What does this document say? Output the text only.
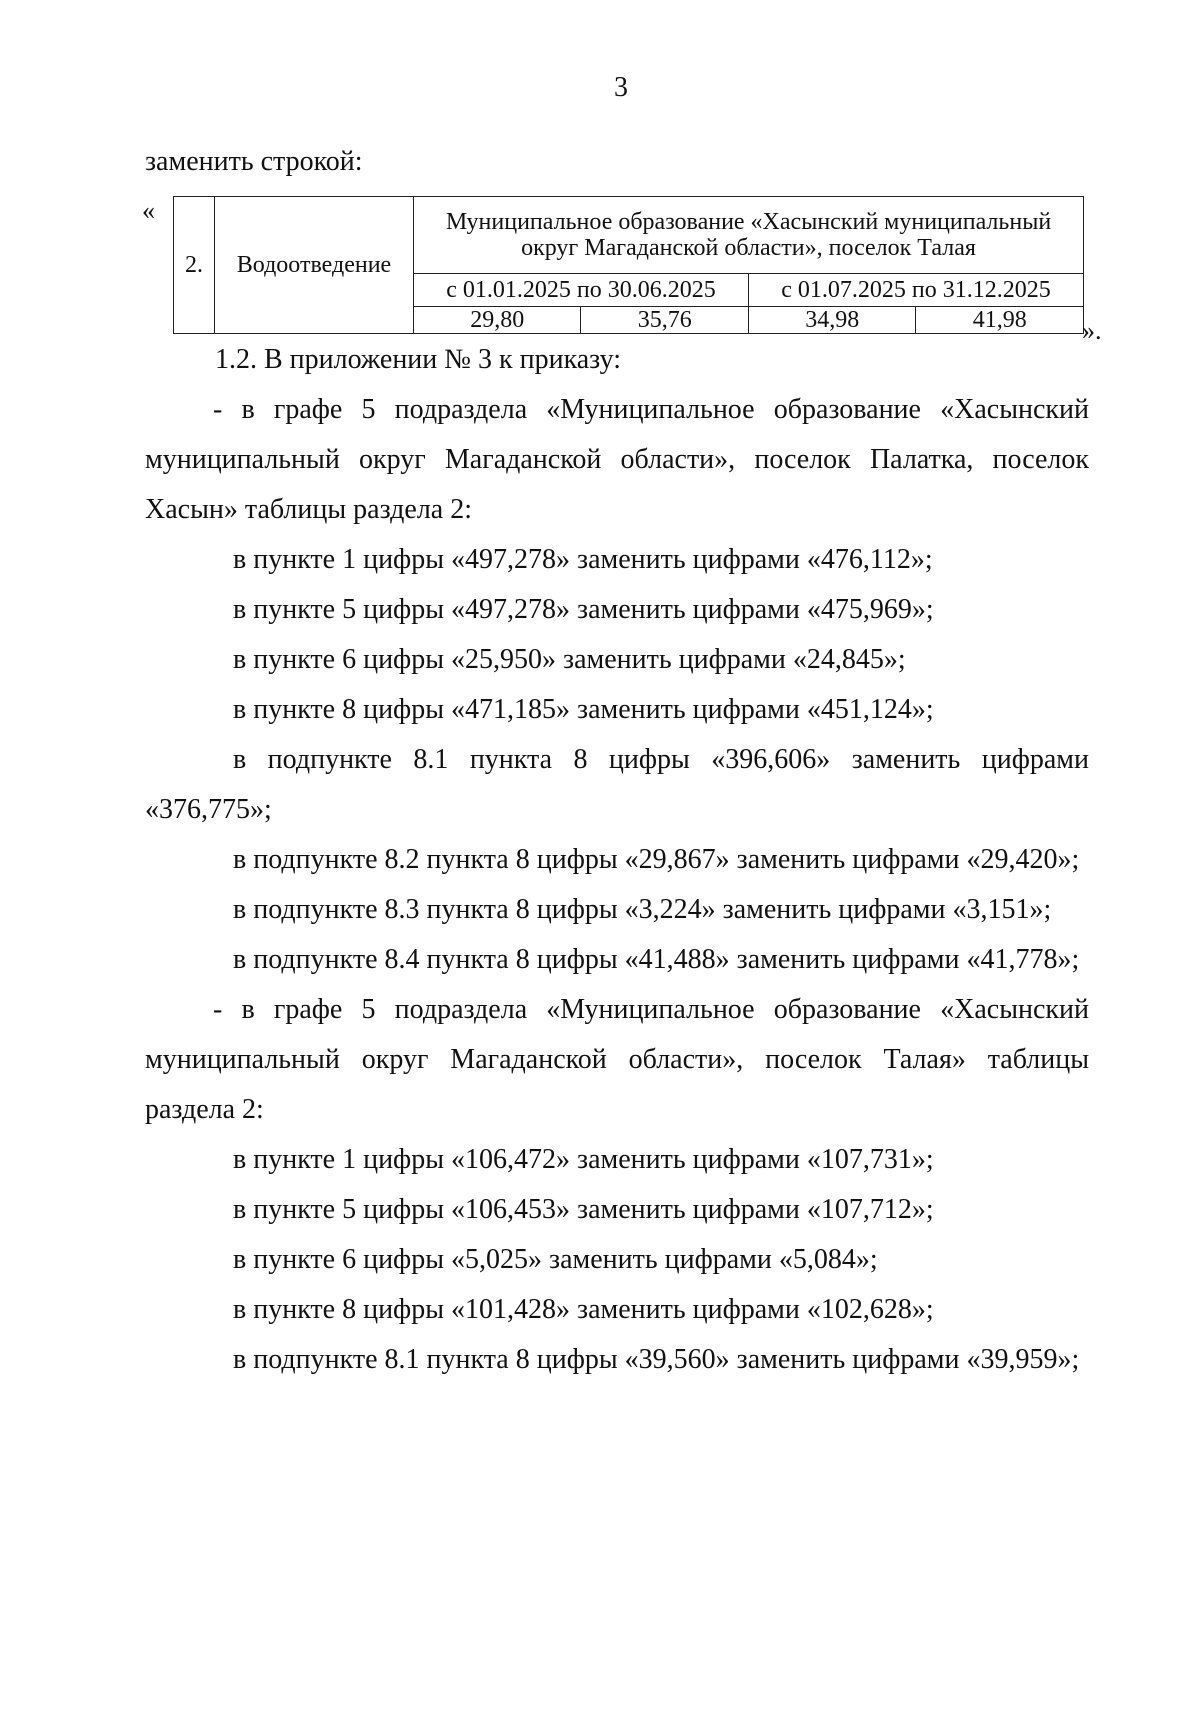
3
заменить строкой:
«
2.	Водоотведение	Муниципальное образование «Хасынский муниципальный округ Магаданской области», поселок Талая			
		с 01.01.2025 по 30.06.2025		с 01.07.2025 по 31.12.2025	
		29,80	35,76	34,98	41,98 ».

1.2. В приложении № 3 к приказу:

- в графе 5 подраздела «Муниципальное образование «Хасынский муниципальный округ Магаданской области», поселок Палатка, поселок Хасын» таблицы раздела 2:

в пункте 1 цифры «497,278» заменить цифрами «476,112»;

в пункте 5 цифры «497,278» заменить цифрами «475,969»;

в пункте 6 цифры «25,950» заменить цифрами «24,845»;

в пункте 8 цифры «471,185» заменить цифрами «451,124»;

в подпункте 8.1 пункта 8 цифры «396,606» заменить цифрами «376,775»;

в подпункте 8.2 пункта 8 цифры «29,867» заменить цифрами «29,420»;

в подпункте 8.3 пункта 8 цифры «3,224» заменить цифрами «3,151»;

в подпункте 8.4 пункта 8 цифры «41,488» заменить цифрами «41,778»;

- в графе 5 подраздела «Муниципальное образование «Хасынский муниципальный округ Магаданской области», поселок Талая» таблицы раздела 2:

в пункте 1 цифры «106,472» заменить цифрами «107,731»;

в пункте 5 цифры «106,453» заменить цифрами «107,712»;

в пункте 6 цифры «5,025» заменить цифрами «5,084»;

в пункте 8 цифры «101,428» заменить цифрами «102,628»;

в подпункте 8.1 пункта 8 цифры «39,560» заменить цифрами «39,959»;
